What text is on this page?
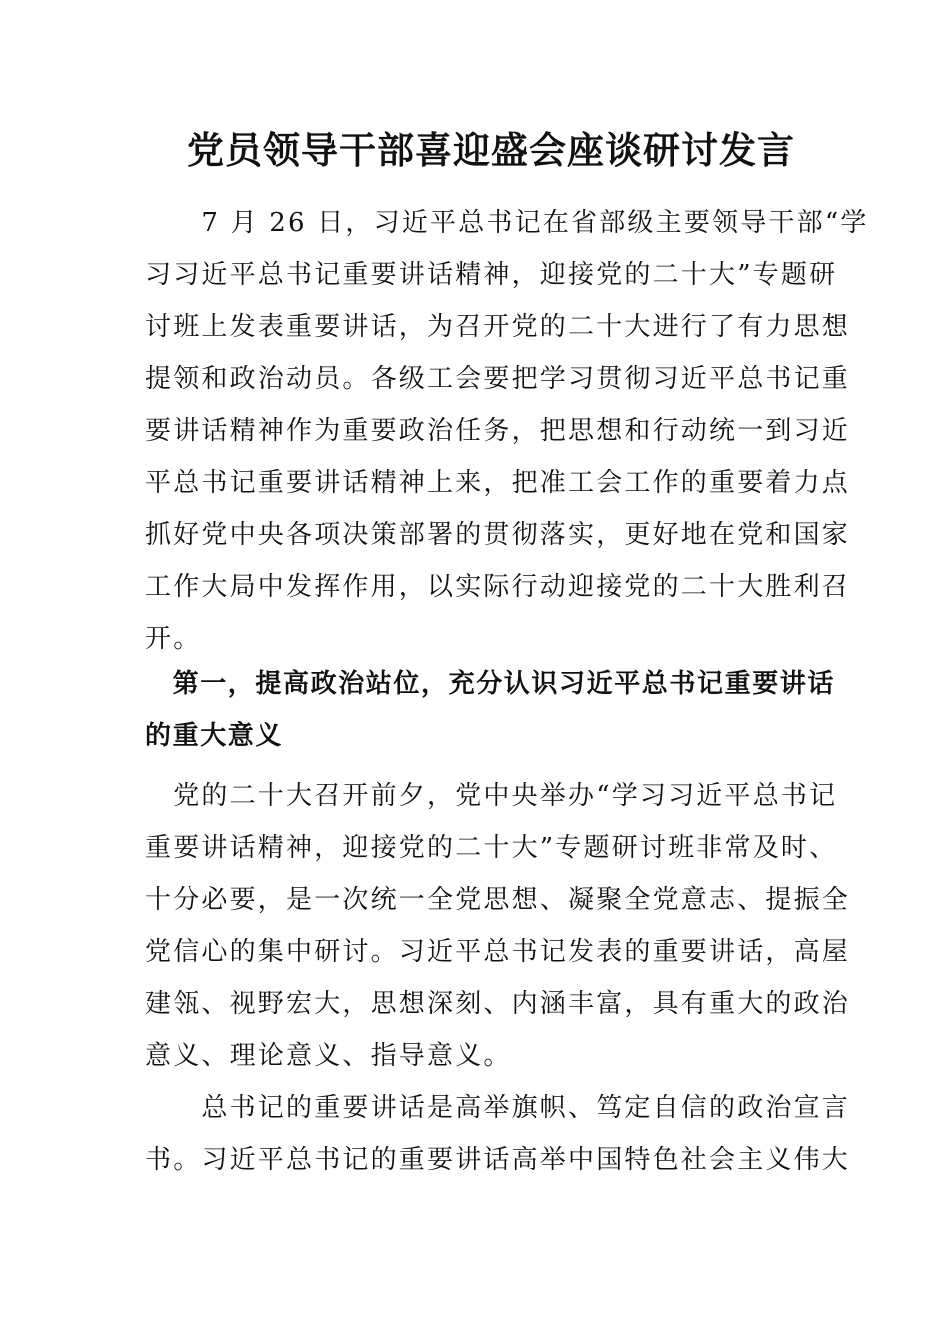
党员领导干部喜迎盛会座谈研讨发言

　　7 月 26 日，习近平总书记在省部级主要领导干部“学
习习近平总书记重要讲话精神，迎接党的二十大”专题研
讨班上发表重要讲话，为召开党的二十大进行了有力思想
提领和政治动员。各级工会要把学习贯彻习近平总书记重
要讲话精神作为重要政治任务，把思想和行动统一到习近
平总书记重要讲话精神上来，把准工会工作的重要着力点
抓好党中央各项决策部署的贯彻落实，更好地在党和国家
工作大局中发挥作用，以实际行动迎接党的二十大胜利召
开。

　第一，提高政治站位，充分认识习近平总书记重要讲话
的重大意义

　党的二十大召开前夕，党中央举办“学习习近平总书记
重要讲话精神，迎接党的二十大”专题研讨班非常及时、
十分必要，是一次统一全党思想、凝聚全党意志、提振全
党信心的集中研讨。习近平总书记发表的重要讲话，高屋
建瓴、视野宏大，思想深刻、内涵丰富，具有重大的政治
意义、理论意义、指导意义。

　　总书记的重要讲话是高举旗帜、笃定自信的政治宣言
书。习近平总书记的重要讲话高举中国特色社会主义伟大
